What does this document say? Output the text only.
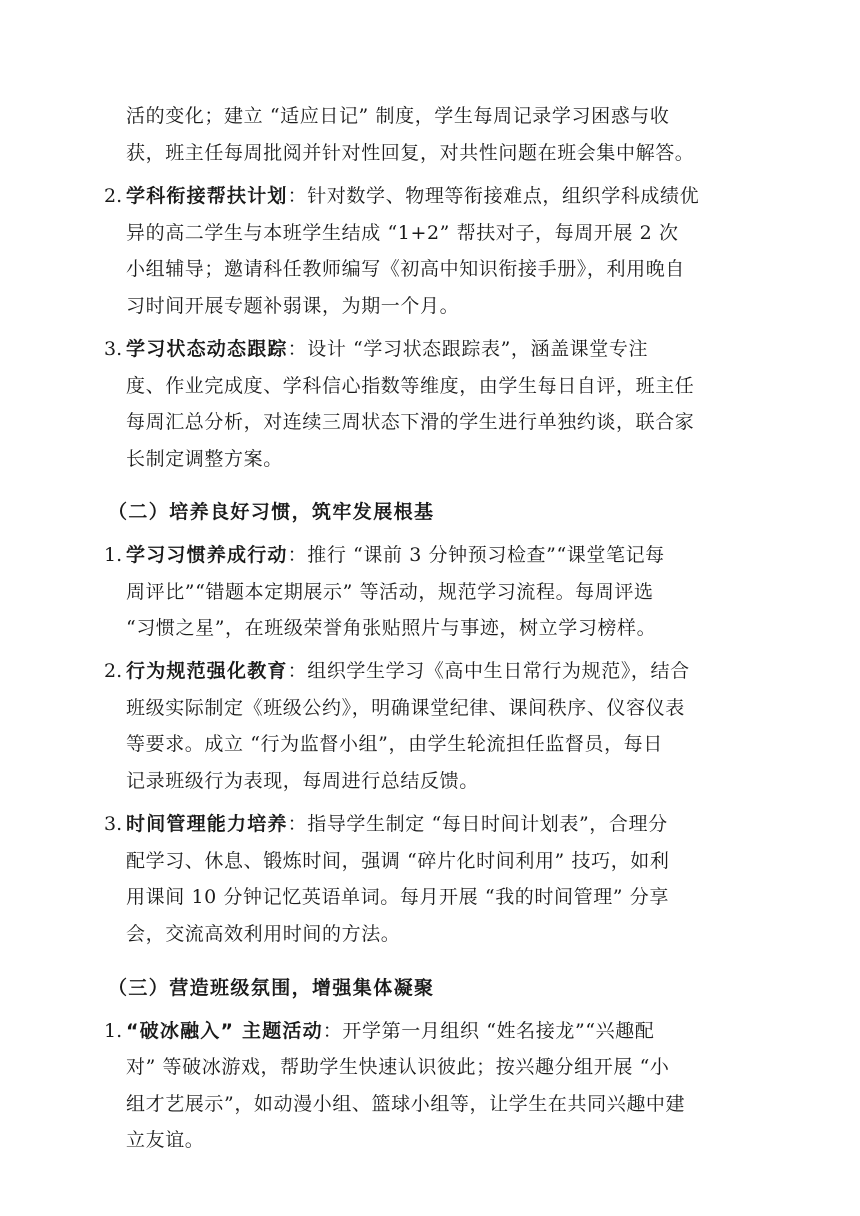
活的变化；建立 “适应日记” 制度，学生每周记录学习困惑与收
获，班主任每周批阅并针对性回复，对共性问题在班会集中解答。
2. 学科衔接帮扶计划：针对数学、物理等衔接难点，组织学科成绩优
异的高二学生与本班学生结成 “1+2” 帮扶对子，每周开展 2 次
小组辅导；邀请科任教师编写《初高中知识衔接手册》，利用晚自
习时间开展专题补弱课，为期一个月。
3. 学习状态动态跟踪：设计 “学习状态跟踪表”，涵盖课堂专注
度、作业完成度、学科信心指数等维度，由学生每日自评，班主任
每周汇总分析，对连续三周状态下滑的学生进行单独约谈，联合家
长制定调整方案。
（二）培养良好习惯，筑牢发展根基
1. 学习习惯养成行动：推行 “课前 3 分钟预习检查”“课堂笔记每
周评比”“错题本定期展示” 等活动，规范学习流程。每周评选
“习惯之星”，在班级荣誉角张贴照片与事迹，树立学习榜样。
2. 行为规范强化教育：组织学生学习《高中生日常行为规范》，结合
班级实际制定《班级公约》，明确课堂纪律、课间秩序、仪容仪表
等要求。成立 “行为监督小组”，由学生轮流担任监督员，每日
记录班级行为表现，每周进行总结反馈。
3. 时间管理能力培养：指导学生制定 “每日时间计划表”，合理分
配学习、休息、锻炼时间，强调 “碎片化时间利用” 技巧，如利
用课间 10 分钟记忆英语单词。每月开展 “我的时间管理” 分享
会，交流高效利用时间的方法。
（三）营造班级氛围，增强集体凝聚
1. “破冰融入” 主题活动：开学第一月组织 “姓名接龙”“兴趣配
对” 等破冰游戏，帮助学生快速认识彼此；按兴趣分组开展 “小
组才艺展示”，如动漫小组、篮球小组等，让学生在共同兴趣中建
立友谊。
